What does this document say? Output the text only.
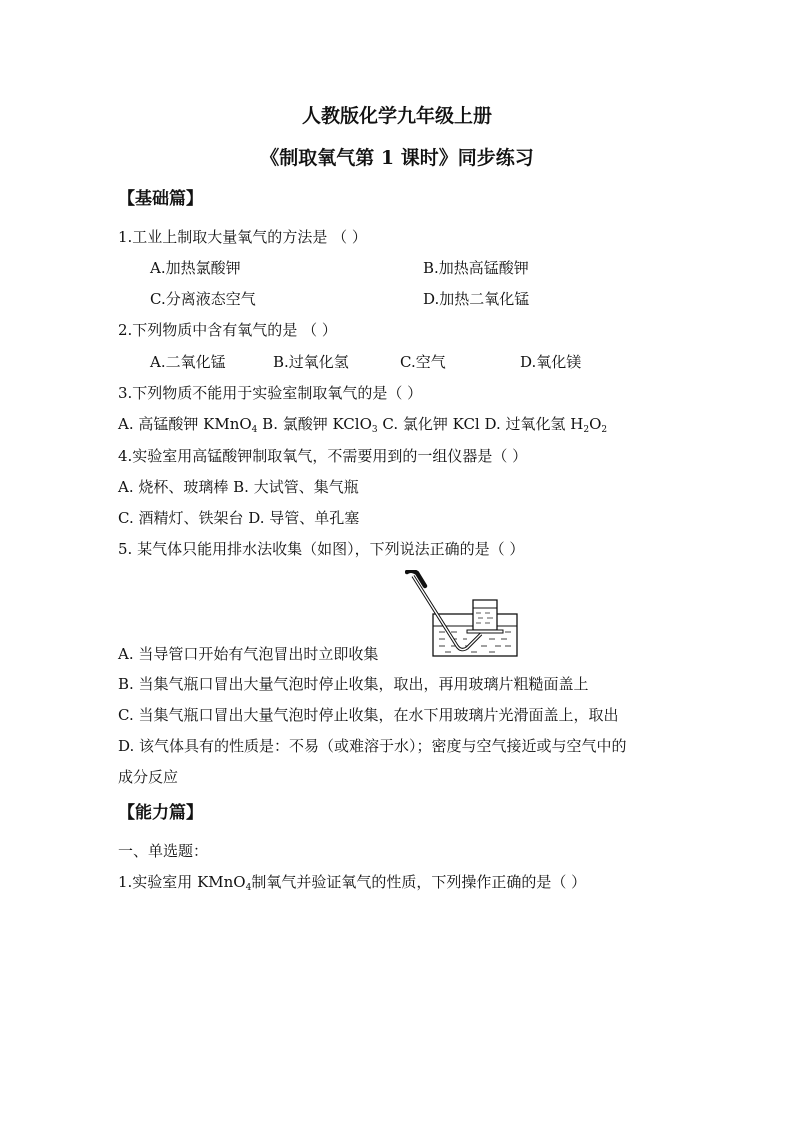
人教版化学九年级上册
《制取氧气第 1 课时》同步练习
【基础篇】
1.工业上制取大量氧气的方法是 （ ）
A.加热氯酸钾	B.加热高锰酸钾
C.分离液态空气	D.加热二氧化锰
2.下列物质中含有氧气的是 （ ）
A.二氧化锰	B.过氧化氢	C.空气	D.氧化镁
3.下列物质不能用于实验室制取氧气的是（ ）
A. 高锰酸钾 KMnO$_4$ B. 氯酸钾 KClO$_3$ C. 氯化钾 KCl D. 过氧化氢 $H_2O_2$
4.实验室用高锰酸钾制取氧气，不需要用到的一组仪器是（ ）
A. 烧杯、玻璃棒 B. 大试管、集气瓶
C. 酒精灯、铁架台 D. 导管、单孔塞
5. 某气体只能用排水法收集（如图），下列说法正确的是（ ）
A. 当导管口开始有气泡冒出时立即收集
B. 当集气瓶口冒出大量气泡时停止收集，取出，再用玻璃片粗糙面盖上
C. 当集气瓶口冒出大量气泡时停止收集，在水下用玻璃片光滑面盖上，取出
D. 该气体具有的性质是：不易（或难溶于水）；密度与空气接近或与空气中的
成分反应
【能力篇】
一、单选题：
1.实验室用 KMnO$_4$制氧气并验证氧气的性质，下列操作正确的是（ ）
